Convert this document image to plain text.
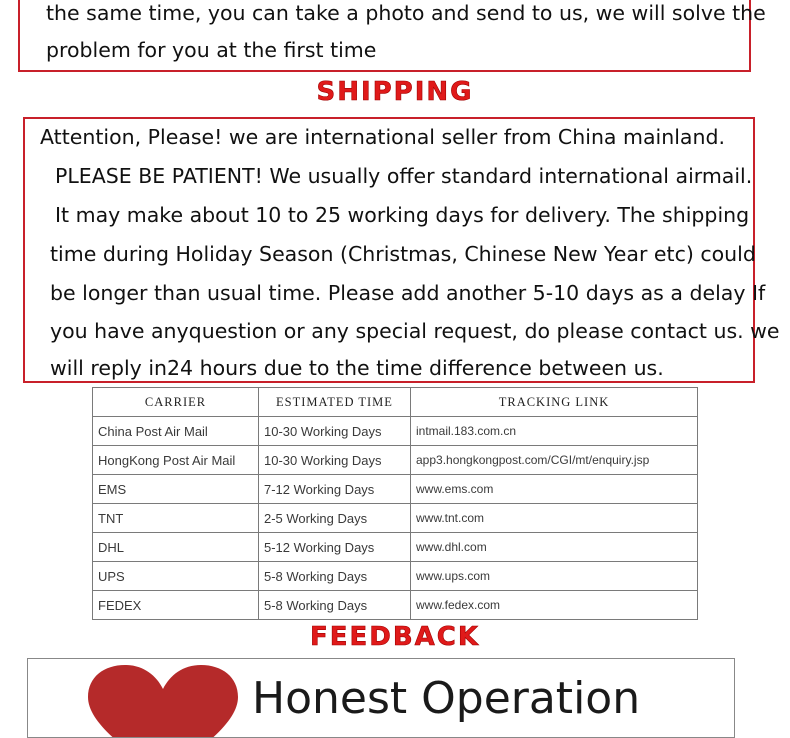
the same time, you can take a photo and send to us, we will solve the
problem for you at the first time
SHIPPING
Attention, Please! we are international seller from China mainland.
PLEASE BE PATIENT! We usually offer standard international airmail.
It may make about 10 to 25 working days for delivery. The shipping
time during Holiday Season (Christmas, Chinese New Year etc) could
be longer than usual time. Please add another 5-10 days as a delay If
you have anyquestion or any special request, do please contact us. we
will reply in24 hours due to the time difference between us.
CARRIER	ESTIMATED TIME	TRACKING LINK
China Post Air Mail	10-30 Working Days	intmail.183.com.cn
HongKong Post Air Mail	10-30 Working Days	app3.hongkongpost.com/CGI/mt/enquiry.jsp
EMS	7-12 Working Days	www.ems.com
TNT	2-5 Working Days	www.tnt.com
DHL	5-12 Working Days	www.dhl.com
UPS	5-8 Working Days	www.ups.com
FEDEX	5-8 Working Days	www.fedex.com
FEEDBACK
Honest Operation
